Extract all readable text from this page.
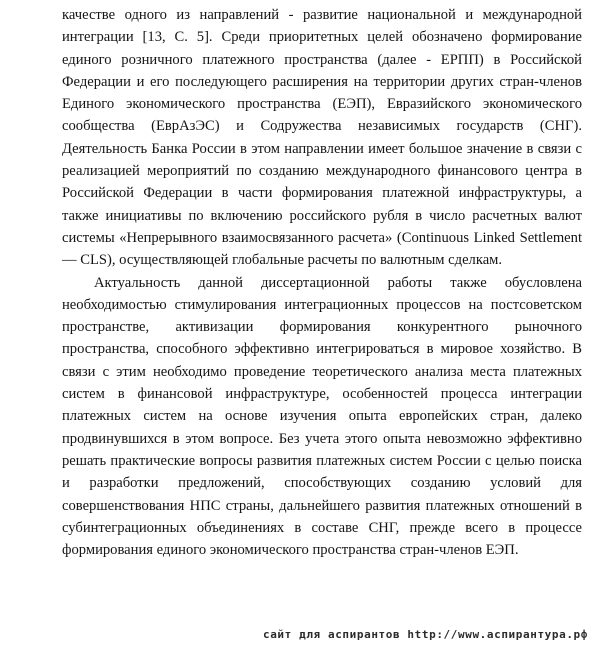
качестве одного из направлений - развитие национальной и международной
интеграции [13, С. 5]. Среди приоритетных целей обозначено формирование
единого розничного платежного пространства (далее - ЕРПП) в Российской
Федерации и его последующего расширения на территории других стран-членов
Единого экономического пространства (ЕЭП), Евразийского экономического
сообщества (ЕврАзЭС) и Содружества независимых государств (СНГ).
Деятельность Банка России в этом направлении имеет большое значение в связи с
реализацией мероприятий по созданию международного финансового центра в
Российской Федерации в части формирования платежной инфраструктуры, а
также инициативы по включению российского рубля в число расчетных валют
системы «Непрерывного взаимосвязанного расчета» (Continuous Linked Settlement
— CLS), осуществляющей глобальные расчеты по валютным сделкам.
Актуальность данной диссертационной работы также обусловлена
необходимостью стимулирования интеграционных процессов на постсоветском
пространстве, активизации формирования конкурентного рыночного
пространства, способного эффективно интегрироваться в мировое хозяйство. В
связи с этим необходимо проведение теоретического анализа места платежных
систем в финансовой инфраструктуре, особенностей процесса интеграции
платежных систем на основе изучения опыта европейских стран, далеко
продвинувшихся в этом вопросе. Без учета этого опыта невозможно эффективно
решать практические вопросы развития платежных систем России с целью поиска
и разработки предложений, способствующих созданию условий для
совершенствования НПС страны, дальнейшего развития платежных отношений в
субинтеграционных объединениях в составе СНГ, прежде всего в процессе
формирования единого экономического пространства стран-членов ЕЭП.
сайт для аспирантов http://www.аспирантура.рф
